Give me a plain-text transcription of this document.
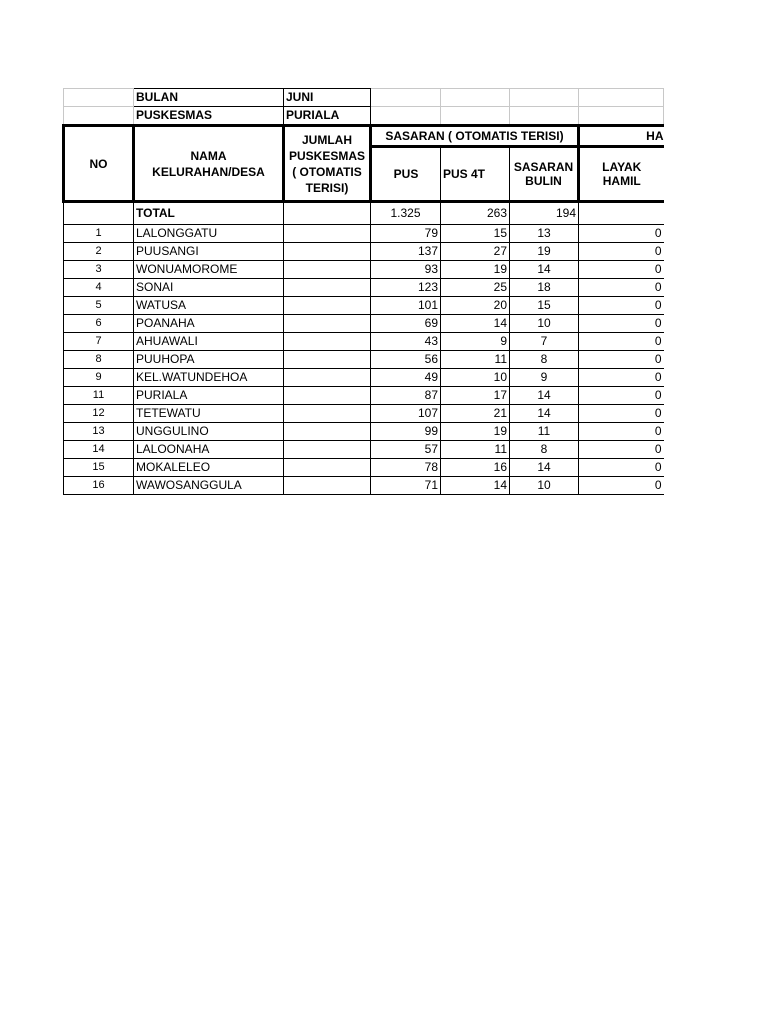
	BULAN	JUNI				
	PUSKESMAS	PURIALA				
NO	NAMA KELURAHAN/DESA	JUMLAH PUSKESMAS ( OTOMATIS TERISI)	SASARAN ( OTOMATIS TERISI)			HA
			PUS	PUS 4T	SASARAN BULIN	LAYAK HAMIL
	TOTAL		1.325	263	194	
1	LALONGGATU		79	15	13	0
2	PUUSANGI		137	27	19	0
3	WONUAMOROME		93	19	14	0
4	SONAI		123	25	18	0
5	WATUSA		101	20	15	0
6	POANAHA		69	14	10	0
7	AHUAWALI		43	9	7	0
8	PUUHOPA		56	11	8	0
9	KEL.WATUNDEHOA		49	10	9	0
11	PURIALA		87	17	14	0
12	TETEWATU		107	21	14	0
13	UNGGULINO		99	19	11	0
14	LALOONAHA		57	11	8	0
15	MOKALELEO		78	16	14	0
16	WAWOSANGGULA		71	14	10	0
